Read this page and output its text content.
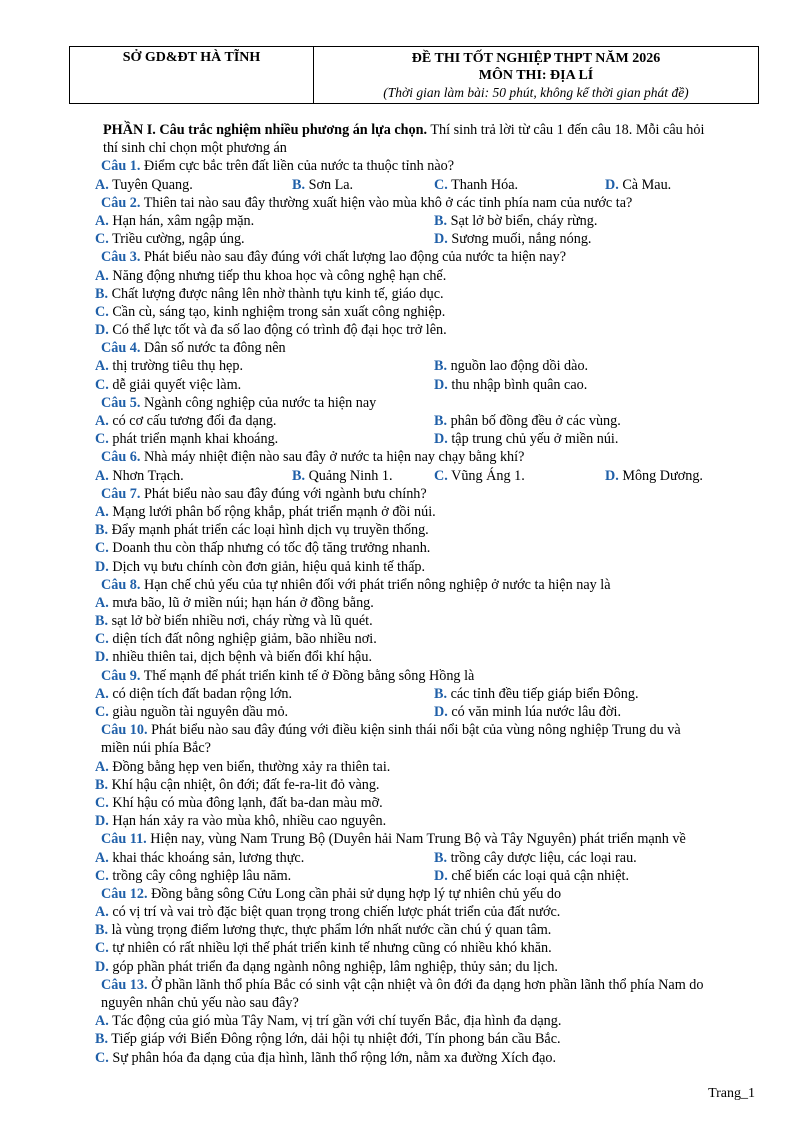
SỞ GD&ĐT HÀ TĨNH	ĐỀ THI TỐT NGHIỆP THPT NĂM 2026
MÔN THI: ĐỊA LÍ
(Thời gian làm bài: 50 phút, không kể thời gian phát đề)
PHẦN I. Câu trắc nghiệm nhiều phương án lựa chọn. Thí sinh trả lời từ câu 1 đến câu 18. Mỗi câu hỏi
thí sinh chỉ chọn một phương án
Câu 1. Điểm cực bắc trên đất liền của nước ta thuộc tỉnh nào?
A. Tuyên Quang.	B. Sơn La.	C. Thanh Hóa.	D. Cà Mau.
Câu 2. Thiên tai nào sau đây thường xuất hiện vào mùa khô ở các tỉnh phía nam của nước ta?
A. Hạn hán, xâm ngập mặn.	B. Sạt lở bờ biển, cháy rừng.
C. Triều cường, ngập úng.	D. Sương muối, nắng nóng.
Câu 3. Phát biểu nào sau đây đúng với chất lượng lao động của nước ta hiện nay?
A. Năng động nhưng tiếp thu khoa học và công nghệ hạn chế.
B. Chất lượng được nâng lên nhờ thành tựu kinh tế, giáo dục.
C. Cần cù, sáng tạo, kinh nghiệm trong sản xuất công nghiệp.
D. Có thể lực tốt và đa số lao động có trình độ đại học trở lên.
Câu 4. Dân số nước ta đông nên
A. thị trường tiêu thụ hẹp.	B. nguồn lao động dồi dào.
C. dễ giải quyết việc làm.	D. thu nhập bình quân cao.
Câu 5. Ngành công nghiệp của nước ta hiện nay
A. có cơ cấu tương đối đa dạng.	B. phân bố đồng đều ở các vùng.
C. phát triển mạnh khai khoáng.	D. tập trung chủ yếu ở miền núi.
Câu 6. Nhà máy nhiệt điện nào sau đây ở nước ta hiện nay chạy bằng khí?
A. Nhơn Trạch.	B. Quảng Ninh 1.	C. Vũng Áng 1.	D. Mông Dương.
Câu 7. Phát biểu nào sau đây đúng với ngành bưu chính?
A. Mạng lưới phân bố rộng khắp, phát triển mạnh ở đồi núi.
B. Đẩy mạnh phát triển các loại hình dịch vụ truyền thống.
C. Doanh thu còn thấp nhưng có tốc độ tăng trưởng nhanh.
D. Dịch vụ bưu chính còn đơn giản, hiệu quả kinh tế thấp.
Câu 8. Hạn chế chủ yếu của tự nhiên đối với phát triển nông nghiệp ở nước ta hiện nay là
A. mưa bão, lũ ở miền núi; hạn hán ở đồng bằng.
B. sạt lở bờ biển nhiều nơi, cháy rừng và lũ quét.
C. diện tích đất nông nghiệp giảm, bão nhiều nơi.
D. nhiều thiên tai, dịch bệnh và biến đổi khí hậu.
Câu 9. Thế mạnh để phát triển kinh tế ở Đồng bằng sông Hồng là
A. có diện tích đất badan rộng lớn.	B. các tỉnh đều tiếp giáp biển Đông.
C. giàu nguồn tài nguyên dầu mỏ.	D. có văn minh lúa nước lâu đời.
Câu 10. Phát biểu nào sau đây đúng với điều kiện sinh thái nổi bật của vùng nông nghiệp Trung du và
miền núi phía Bắc?
A. Đồng bằng hẹp ven biển, thường xảy ra thiên tai.
B. Khí hậu cận nhiệt, ôn đới; đất fe-ra-lit đỏ vàng.
C. Khí hậu có mùa đông lạnh, đất ba-dan màu mỡ.
D. Hạn hán xảy ra vào mùa khô, nhiều cao nguyên.
Câu 11. Hiện nay, vùng Nam Trung Bộ (Duyên hải Nam Trung Bộ và Tây Nguyên) phát triển mạnh về
A. khai thác khoáng sản, lương thực.	B. trồng cây dược liệu, các loại rau.
C. trồng cây công nghiệp lâu năm.	D. chế biến các loại quả cận nhiệt.
Câu 12. Đồng bằng sông Cửu Long cần phải sử dụng hợp lý tự nhiên chủ yếu do
A. có vị trí và vai trò đặc biệt quan trọng trong chiến lược phát triển của đất nước.
B. là vùng trọng điểm lương thực, thực phẩm lớn nhất nước cần chú ý quan tâm.
C. tự nhiên có rất nhiều lợi thế phát triển kinh tế nhưng cũng có nhiều khó khăn.
D. góp phần phát triển đa dạng ngành nông nghiệp, lâm nghiệp, thủy sản; du lịch.
Câu 13. Ở phần lãnh thổ phía Bắc có sinh vật cận nhiệt và ôn đới đa dạng hơn phần lãnh thổ phía Nam do
nguyên nhân chủ yếu nào sau đây?
A. Tác động của gió mùa Tây Nam, vị trí gần với chí tuyến Bắc, địa hình đa dạng.
B. Tiếp giáp với Biển Đông rộng lớn, dải hội tụ nhiệt đới, Tín phong bán cầu Bắc.
C. Sự phân hóa đa dạng của địa hình, lãnh thổ rộng lớn, nằm xa đường Xích đạo.
Trang_1
